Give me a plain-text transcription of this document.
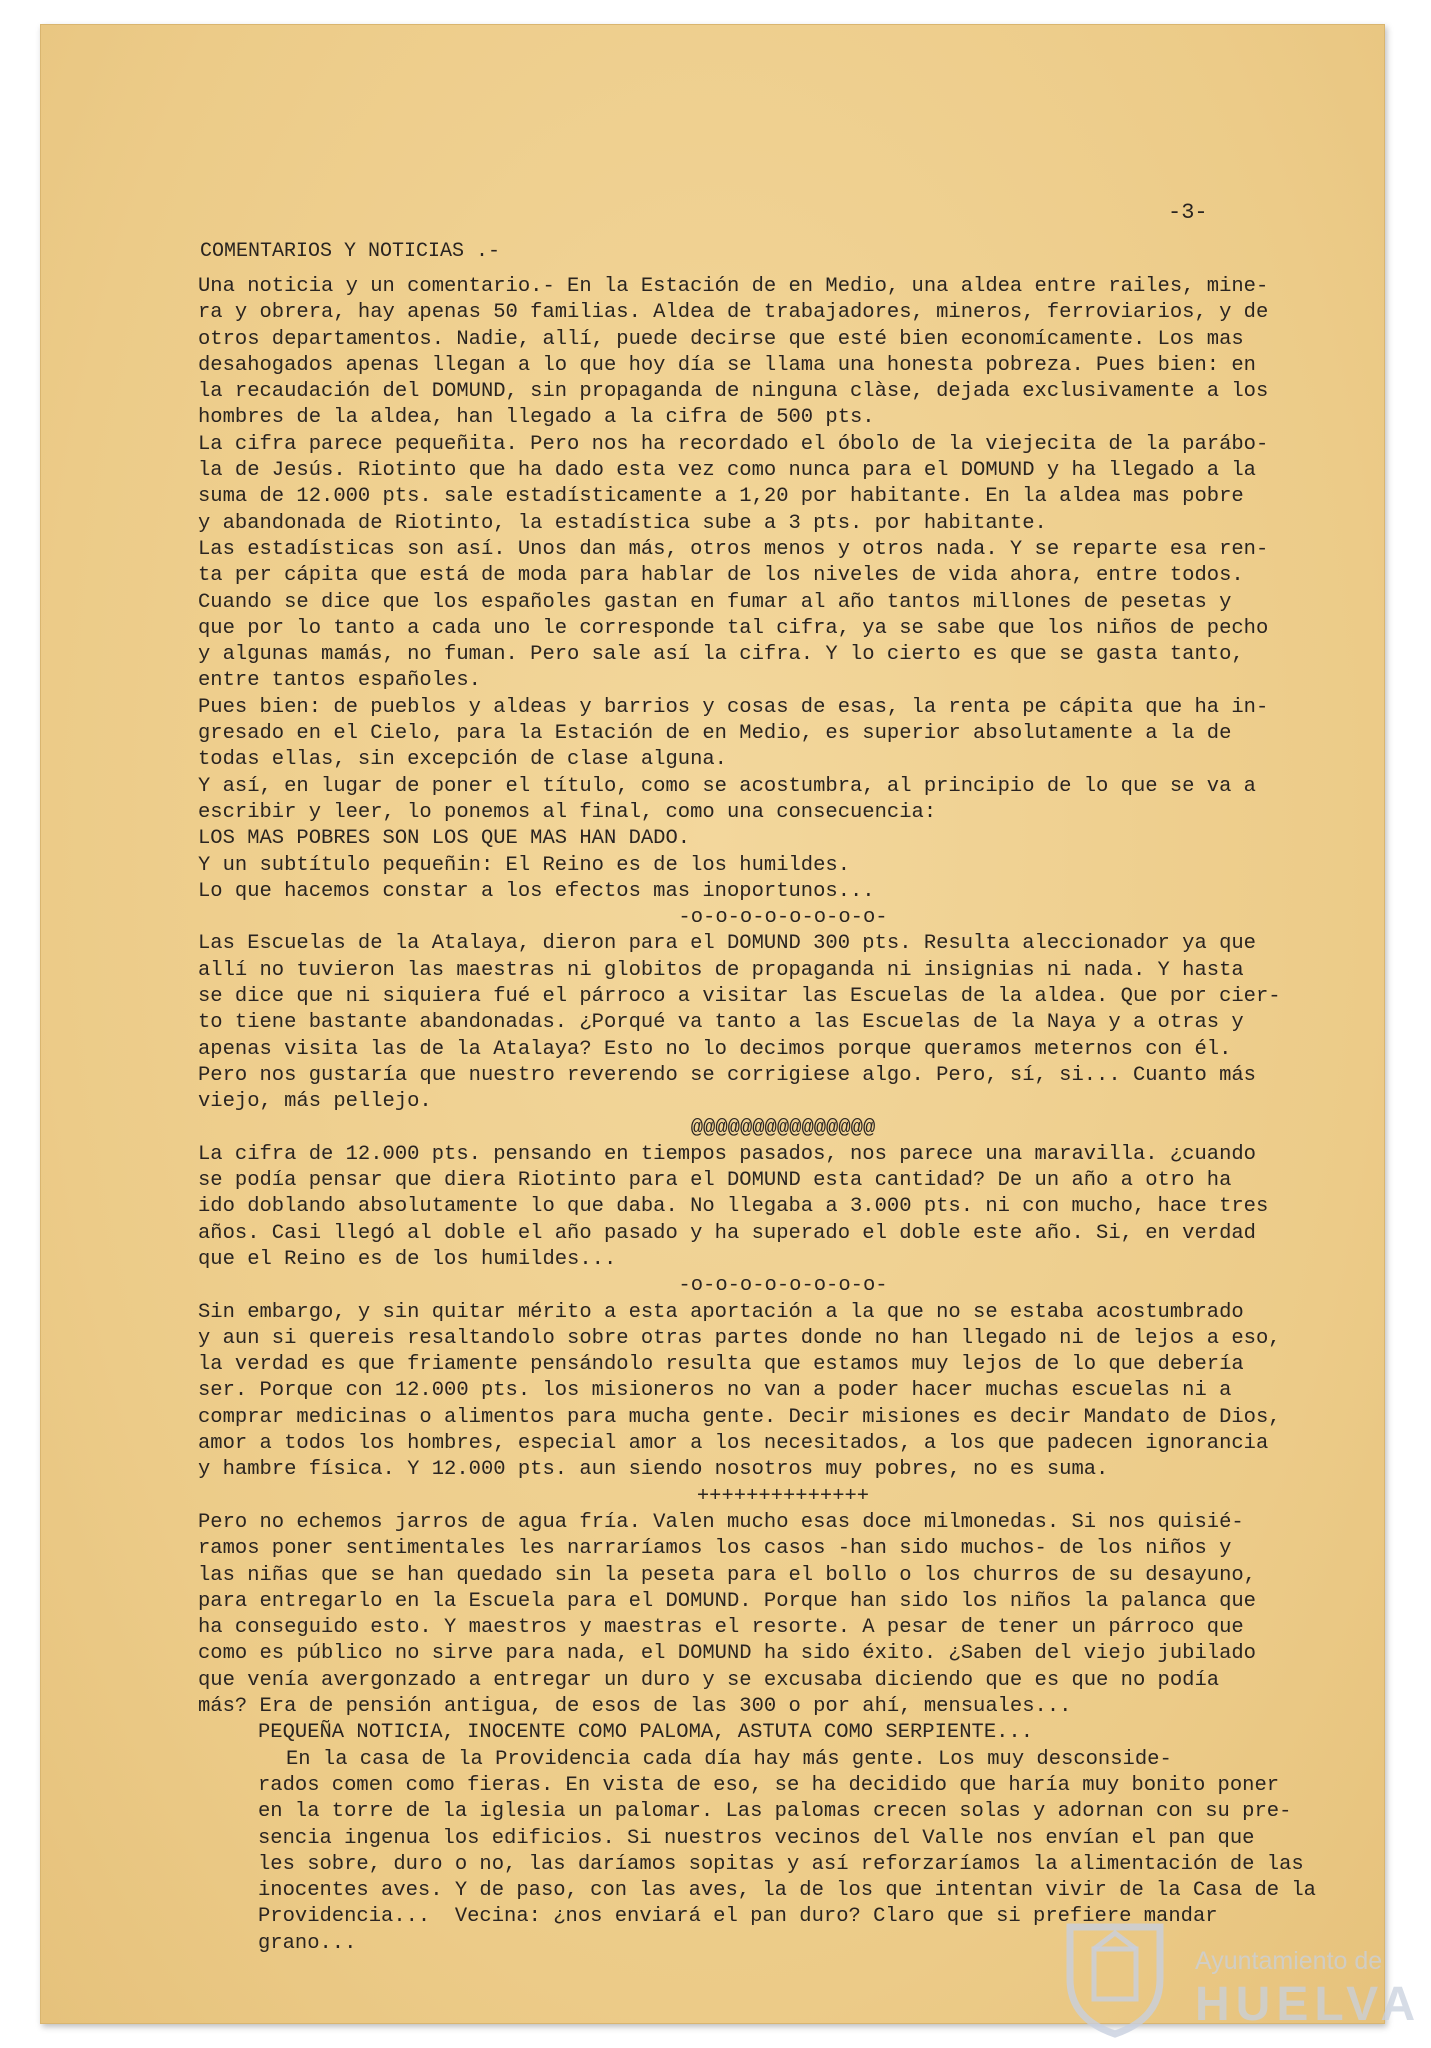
-3-
COMENTARIOS Y NOTICIAS .-
Una noticia y un comentario.- En la Estación de en Medio, una aldea entre railes, mine-
ra y obrera, hay apenas 50 familias. Aldea de trabajadores, mineros, ferroviarios, y de
otros departamentos. Nadie, allí, puede decirse que esté bien economícamente. Los mas
desahogados apenas llegan a lo que hoy día se llama una honesta pobreza. Pues bien: en
la recaudación del DOMUND, sin propaganda de ninguna clàse, dejada exclusivamente a los
hombres de la aldea, han llegado a la cifra de 500 pts.
La cifra parece pequeñita. Pero nos ha recordado el óbolo de la viejecita de la parábo-
la de Jesús. Riotinto que ha dado esta vez como nunca para el DOMUND y ha llegado a la
suma de 12.000 pts. sale estadísticamente a 1,20 por habitante. En la aldea mas pobre
y abandonada de Riotinto, la estadística sube a 3 pts. por habitante.
Las estadísticas son así. Unos dan más, otros menos y otros nada. Y se reparte esa ren-
ta per cápita que está de moda para hablar de los niveles de vida ahora, entre todos.
Cuando se dice que los españoles gastan en fumar al año tantos millones de pesetas y
que por lo tanto a cada uno le corresponde tal cifra, ya se sabe que los niños de pecho
y algunas mamás, no fuman. Pero sale así la cifra. Y lo cierto es que se gasta tanto,
entre tantos españoles.
Pues bien: de pueblos y aldeas y barrios y cosas de esas, la renta pe cápita que ha in-
gresado en el Cielo, para la Estación de en Medio, es superior absolutamente a la de
todas ellas, sin excepción de clase alguna.
Y así, en lugar de poner el título, como se acostumbra, al principio de lo que se va a
escribir y leer, lo ponemos al final, como una consecuencia:
LOS MAS POBRES SON LOS QUE MAS HAN DADO.
Y un subtítulo pequeñin: El Reino es de los humildes.
Lo que hacemos constar a los efectos mas inoportunos...
-o-o-o-o-o-o-o-o-
Las Escuelas de la Atalaya, dieron para el DOMUND 300 pts. Resulta aleccionador ya que
allí no tuvieron las maestras ni globitos de propaganda ni insignias ni nada. Y hasta
se dice que ni siquiera fué el párroco a visitar las Escuelas de la aldea. Que por cier-
to tiene bastante abandonadas. ¿Porqué va tanto a las Escuelas de la Naya y a otras y
apenas visita las de la Atalaya? Esto no lo decimos porque queramos meternos con él.
Pero nos gustaría que nuestro reverendo se corrigiese algo. Pero, sí, si... Cuanto más
viejo, más pellejo.
@@@@@@@@@@@@@@@
La cifra de 12.000 pts. pensando en tiempos pasados, nos parece una maravilla. ¿cuando
se podía pensar que diera Riotinto para el DOMUND esta cantidad? De un año a otro ha
ido doblando absolutamente lo que daba. No llegaba a 3.000 pts. ni con mucho, hace tres
años. Casi llegó al doble el año pasado y ha superado el doble este año. Si, en verdad
que el Reino es de los humildes...
-o-o-o-o-o-o-o-o-
Sin embargo, y sin quitar mérito a esta aportación a la que no se estaba acostumbrado
y aun si quereis resaltandolo sobre otras partes donde no han llegado ni de lejos a eso,
la verdad es que friamente pensándolo resulta que estamos muy lejos de lo que debería
ser. Porque con 12.000 pts. los misioneros no van a poder hacer muchas escuelas ni a
comprar medicinas o alimentos para mucha gente. Decir misiones es decir Mandato de Dios,
amor a todos los hombres, especial amor a los necesitados, a los que padecen ignorancia
y hambre física. Y 12.000 pts. aun siendo nosotros muy pobres, no es suma.
++++++++++++++
Pero no echemos jarros de agua fría. Valen mucho esas doce milmonedas. Si nos quisié-
ramos poner sentimentales les narraríamos los casos -han sido muchos- de los niños y
las niñas que se han quedado sin la peseta para el bollo o los churros de su desayuno,
para entregarlo en la Escuela para el DOMUND. Porque han sido los niños la palanca que
ha conseguido esto. Y maestros y maestras el resorte. A pesar de tener un párroco que
como es público no sirve para nada, el DOMUND ha sido éxito. ¿Saben del viejo jubilado
que venía avergonzado a entregar un duro y se excusaba diciendo que es que no podía
más? Era de pensión antigua, de esos de las 300 o por ahí, mensuales...
PEQUEÑA NOTICIA, INOCENTE COMO PALOMA, ASTUTA COMO SERPIENTE...
En la casa de la Providencia cada día hay más gente. Los muy desconside-
rados comen como fieras. En vista de eso, se ha decidido que haría muy bonito poner
en la torre de la iglesia un palomar. Las palomas crecen solas y adornan con su pre-
sencia ingenua los edificios. Si nuestros vecinos del Valle nos envían el pan que
les sobre, duro o no, las daríamos sopitas y así reforzaríamos la alimentación de las
inocentes aves. Y de paso, con las aves, la de los que intentan vivir de la Casa de la
Providencia...  Vecina: ¿nos enviará el pan duro? Claro que si prefiere mandar
grano...
Ayuntamiento de
HUELVA
